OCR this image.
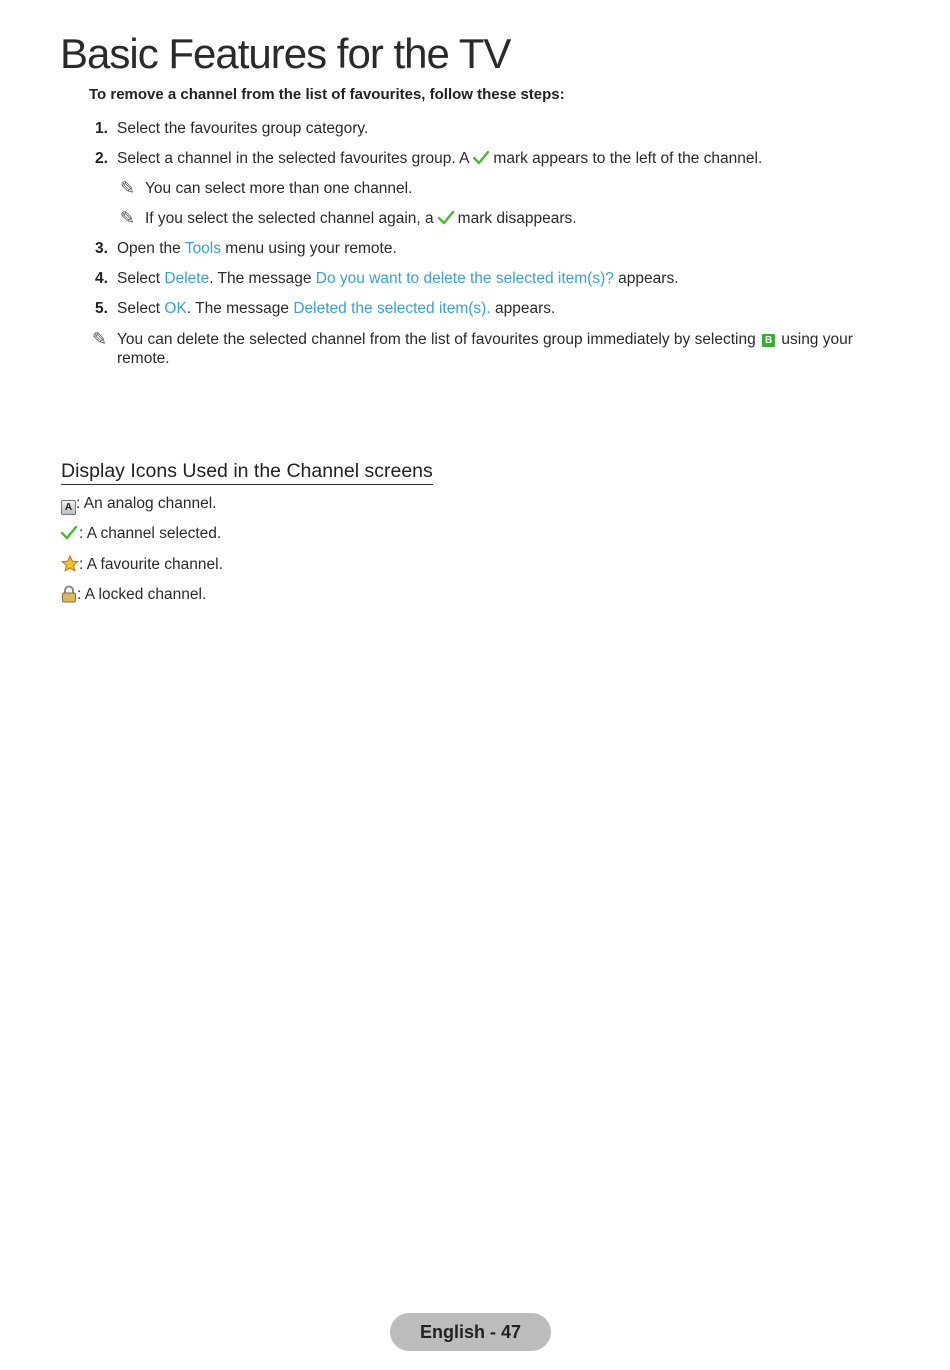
Basic Features for the TV
To remove a channel from the list of favourites, follow these steps:
1. Select the favourites group category.
2. Select a channel in the selected favourites group. A mark appears to the left of the channel.
✎ You can select more than one channel.
✎ If you select the selected channel again, a mark disappears.
3. Open the Tools menu using your remote.
4. Select Delete. The message Do you want to delete the selected item(s)? appears.
5. Select OK. The message Deleted the selected item(s). appears.
✎ You can delete the selected channel from the list of favourites group immediately by selecting B using your
remote.
Display Icons Used in the Channel screens
A : An analog channel.
: A channel selected.
: A favourite channel.
: A locked channel.
English - 47
